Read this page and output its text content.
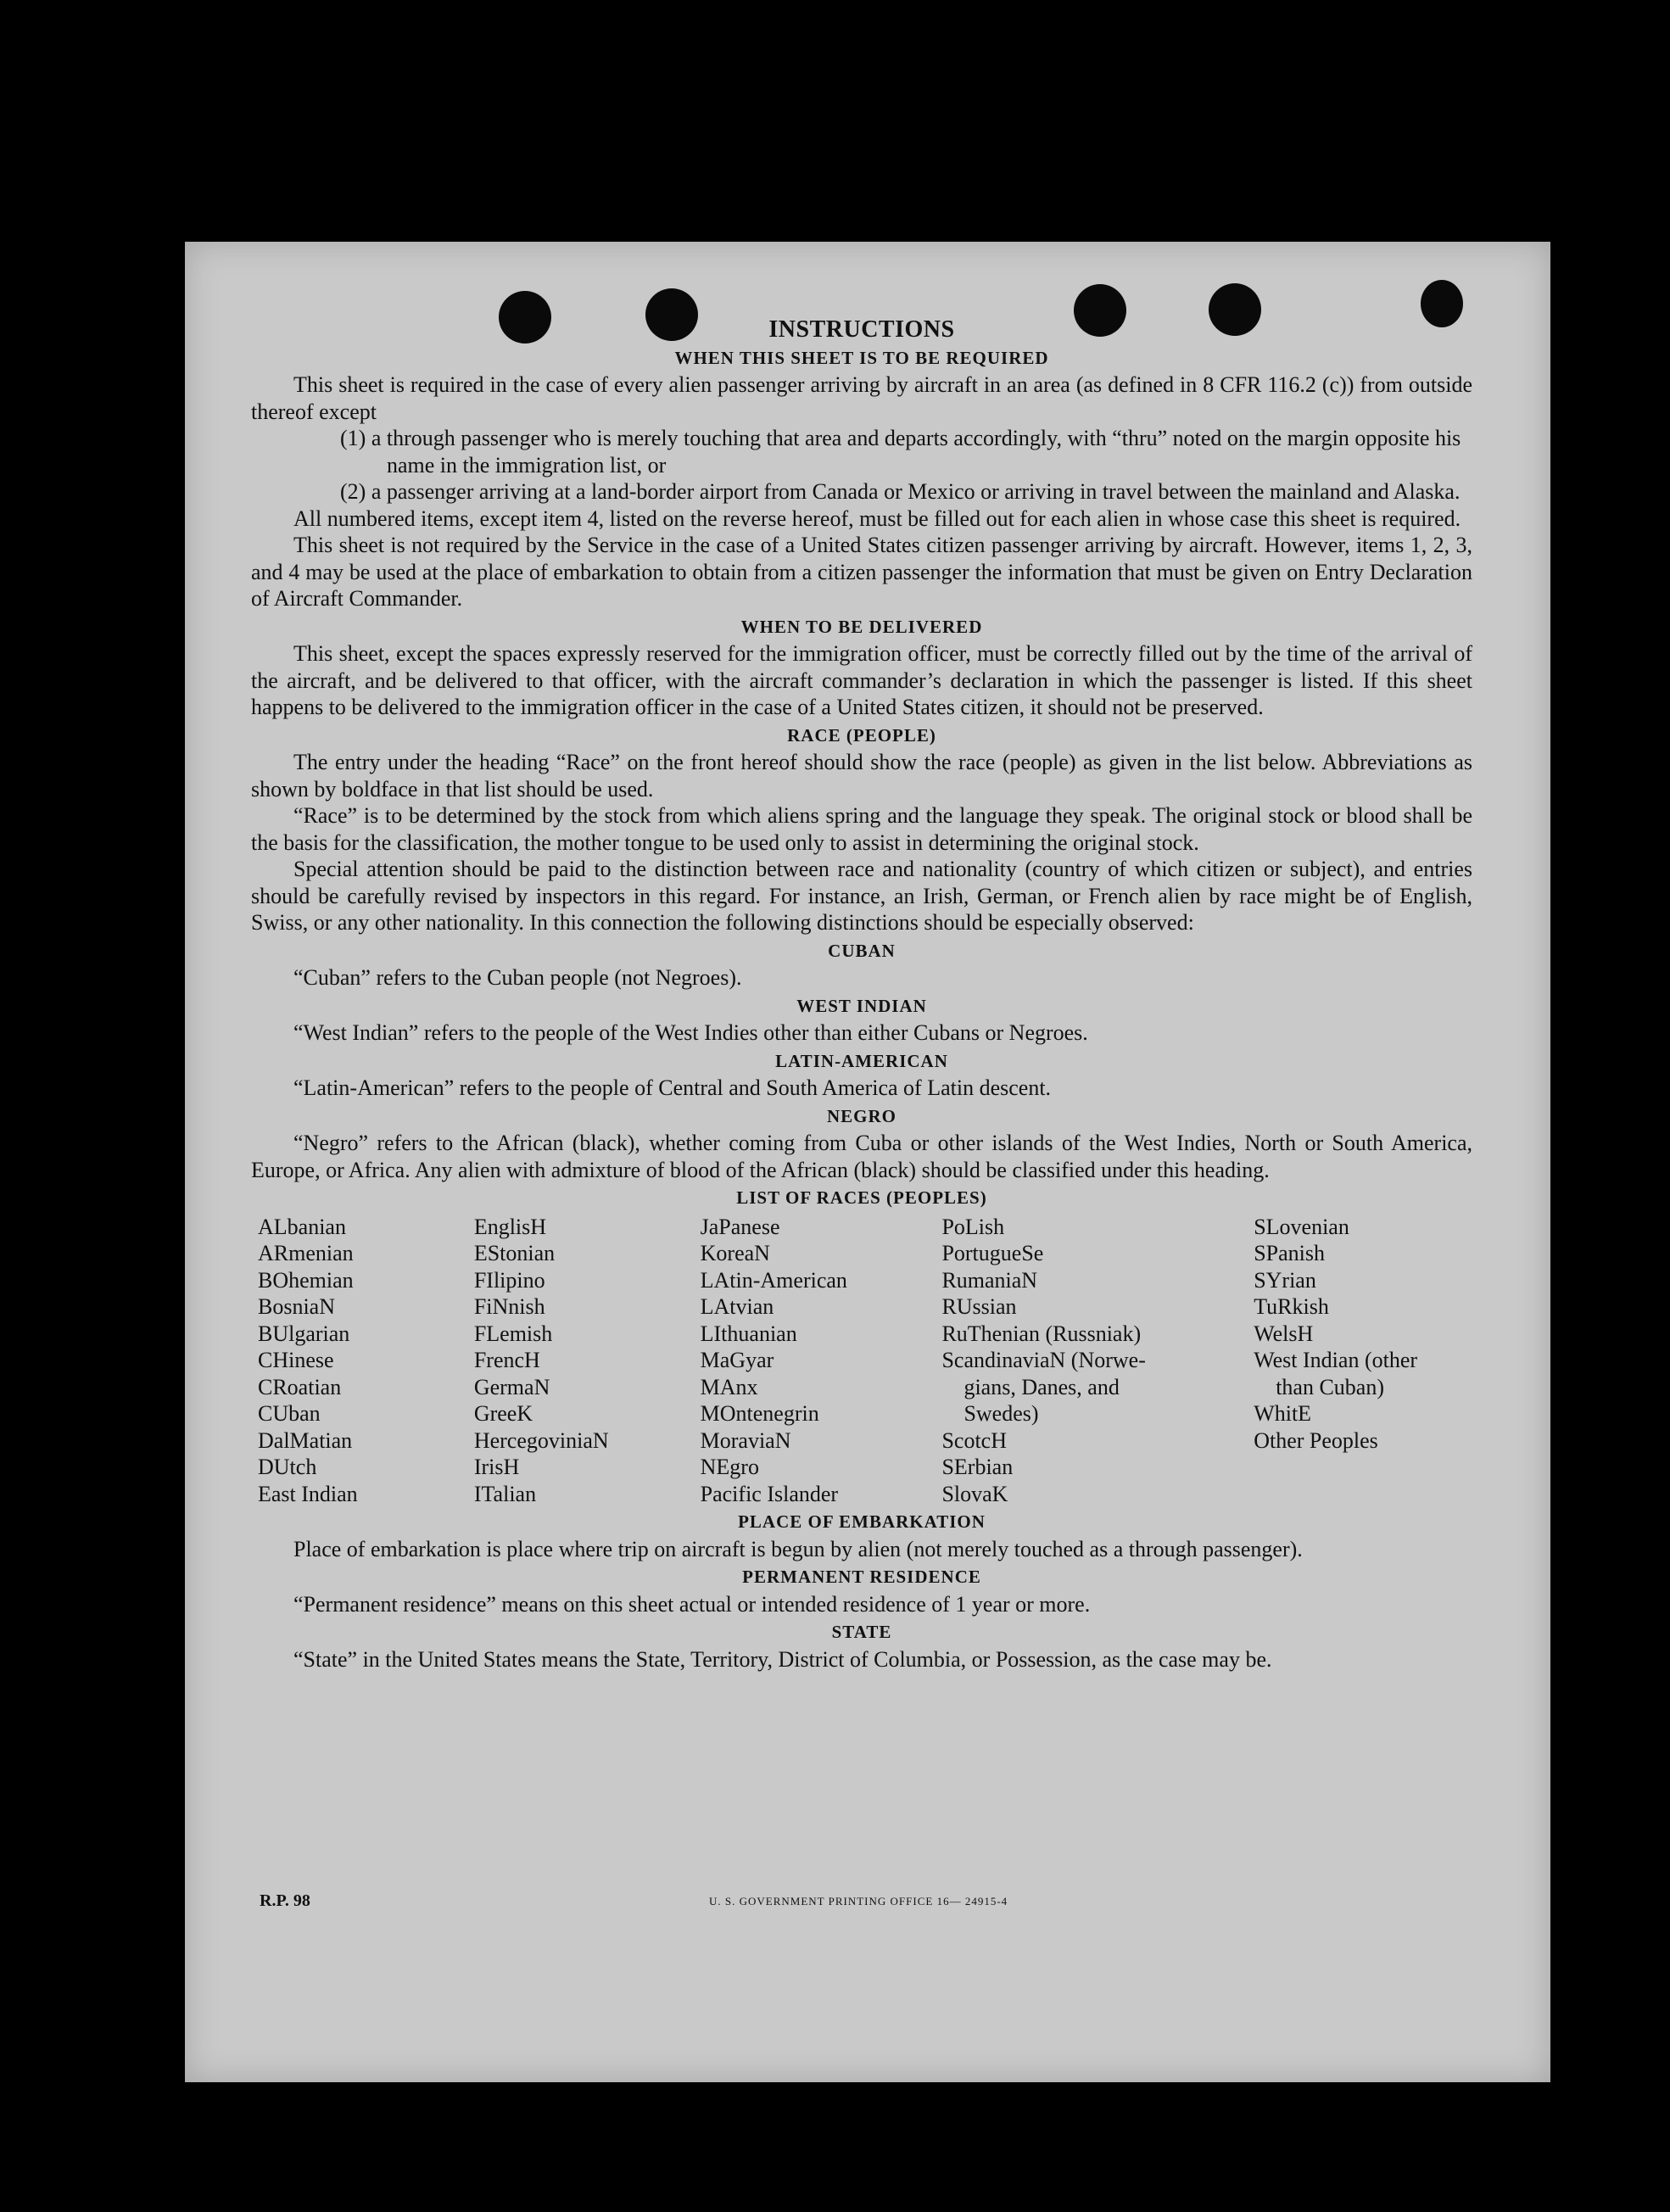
INSTRUCTIONS
WHEN THIS SHEET IS TO BE REQUIRED

This sheet is required in the case of every alien passenger arriving by aircraft in an area (as defined in 8 CFR 116.2 (c)) from outside thereof except

(1) a through passenger who is merely touching that area and departs accordingly, with “thru” noted on the margin opposite his name in the immigration list, or
(2) a passenger arriving at a land-border airport from Canada or Mexico or arriving in travel between the mainland and Alaska.

All numbered items, except item 4, listed on the reverse hereof, must be filled out for each alien in whose case this sheet is required.

This sheet is not required by the Service in the case of a United States citizen passenger arriving by aircraft. However, items 1, 2, 3, and 4 may be used at the place of embarkation to obtain from a citizen passenger the information that must be given on Entry Declaration of Aircraft Commander.

WHEN TO BE DELIVERED

This sheet, except the spaces expressly reserved for the immigration officer, must be correctly filled out by the time of the arrival of the aircraft, and be delivered to that officer, with the aircraft commander’s declaration in which the passenger is listed. If this sheet happens to be delivered to the immigration officer in the case of a United States citizen, it should not be preserved.

RACE (PEOPLE)

The entry under the heading “Race” on the front hereof should show the race (people) as given in the list below. Abbreviations as shown by boldface in that list should be used.

“Race” is to be determined by the stock from which aliens spring and the language they speak. The original stock or blood shall be the basis for the classification, the mother tongue to be used only to assist in determining the original stock.

Special attention should be paid to the distinction between race and nationality (country of which citizen or subject), and entries should be carefully revised by inspectors in this regard. For instance, an Irish, German, or French alien by race might be of English, Swiss, or any other nationality. In this connection the following distinctions should be especially observed:

CUBAN

“Cuban” refers to the Cuban people (not Negroes).

WEST INDIAN

“West Indian” refers to the people of the West Indies other than either Cubans or Negroes.

LATIN-AMERICAN

“Latin-American” refers to the people of Central and South America of Latin descent.

NEGRO

“Negro” refers to the African (black), whether coming from Cuba or other islands of the West Indies, North or South America, Europe, or Africa. Any alien with admixture of blood of the African (black) should be classified under this heading.

LIST OF RACES (PEOPLES)
ALbanian
ARmenian
BOhemian
BosniaN
BUlgarian
CHinese
CRoatian
CUban
DalMatian
DUtch
East Indian
EnglisH
EStonian
FIlipino
FiNnish
FLemish
FrencH
GermaN
GreeK
HercegoviniaN
IrisH
ITalian
JaPanese
KoreaN
LAtin-American
LAtvian
LIthuanian
MaGyar
MAnx
MOntenegrin
MoraviaN
NEgro
Pacific Islander
PoLish
PortugueSe
RumaniaN
RUssian
RuThenian (Russniak)
ScandinaviaN (Norwe-
gians, Danes, and
Swedes)
ScotcH
SErbian
SlovaK
SLovenian
SPanish
SYrian
TuRkish
WelsH
West Indian (other
than Cuban)
WhitE
Other Peoples
PLACE OF EMBARKATION

Place of embarkation is place where trip on aircraft is begun by alien (not merely touched as a through passenger).

PERMANENT RESIDENCE

“Permanent residence” means on this sheet actual or intended residence of 1 year or more.

STATE

“State” in the United States means the State, Territory, District of Columbia, or Possession, as the case may be.

R.P. 98	U. S. GOVERNMENT PRINTING OFFICE 16— 24915-4
